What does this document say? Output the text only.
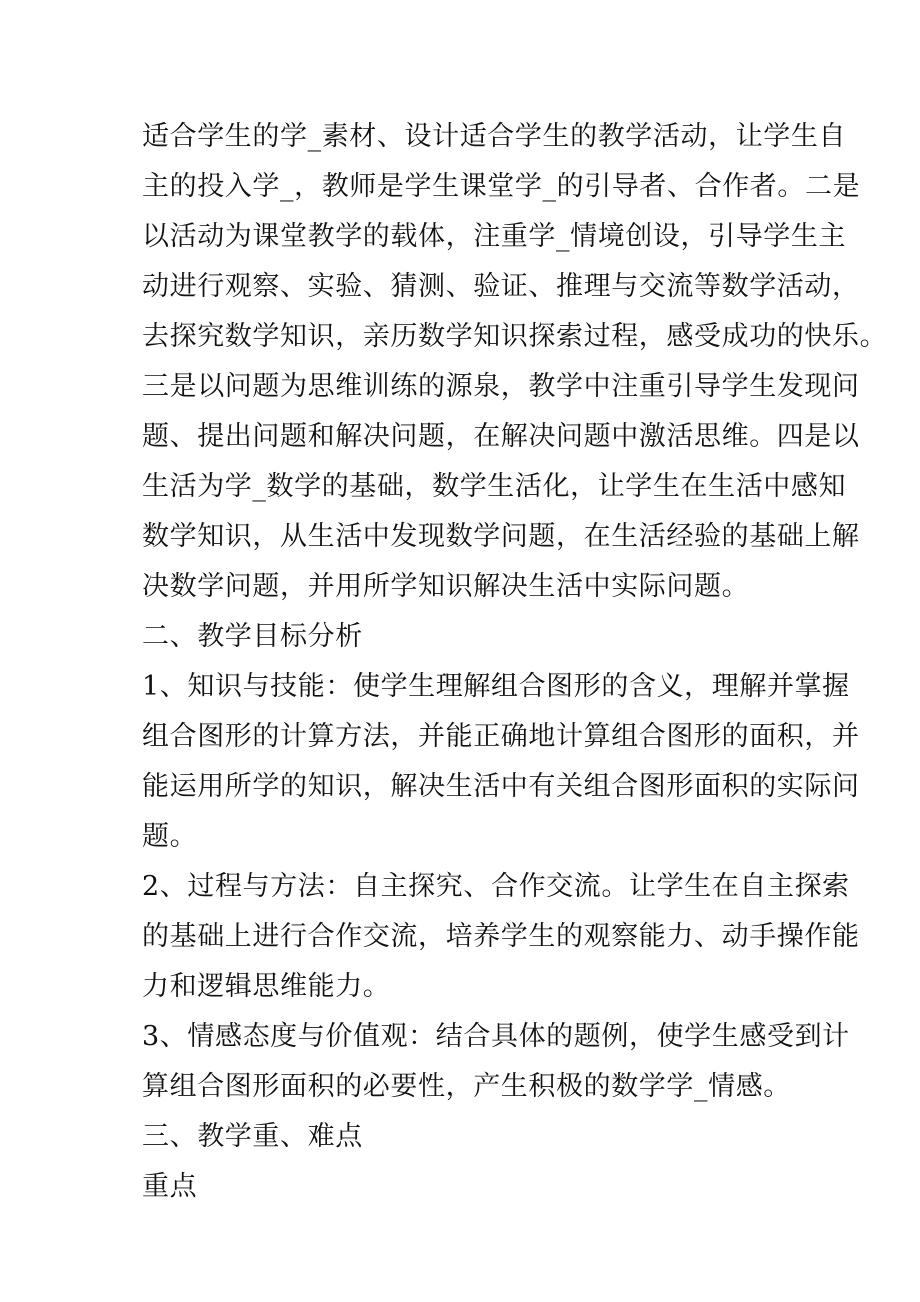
适合学生的学_素材、设计适合学生的教学活动，让学生自
主的投入学_，教师是学生课堂学_的引导者、合作者。二是
以活动为课堂教学的载体，注重学_情境创设，引导学生主
动进行观察、实验、猜测、验证、推理与交流等数学活动，
去探究数学知识，亲历数学知识探索过程，感受成功的快乐。
三是以问题为思维训练的源泉，教学中注重引导学生发现问
题、提出问题和解决问题，在解决问题中激活思维。四是以
生活为学_数学的基础，数学生活化，让学生在生活中感知
数学知识，从生活中发现数学问题，在生活经验的基础上解
决数学问题，并用所学知识解决生活中实际问题。
二、教学目标分析
1、知识与技能：使学生理解组合图形的含义，理解并掌握
组合图形的计算方法，并能正确地计算组合图形的面积，并
能运用所学的知识，解决生活中有关组合图形面积的实际问
题。
2、过程与方法：自主探究、合作交流。让学生在自主探索
的基础上进行合作交流，培养学生的观察能力、动手操作能
力和逻辑思维能力。
3、情感态度与价值观：结合具体的题例，使学生感受到计
算组合图形面积的必要性，产生积极的数学学_情感。
三、教学重、难点
重点
